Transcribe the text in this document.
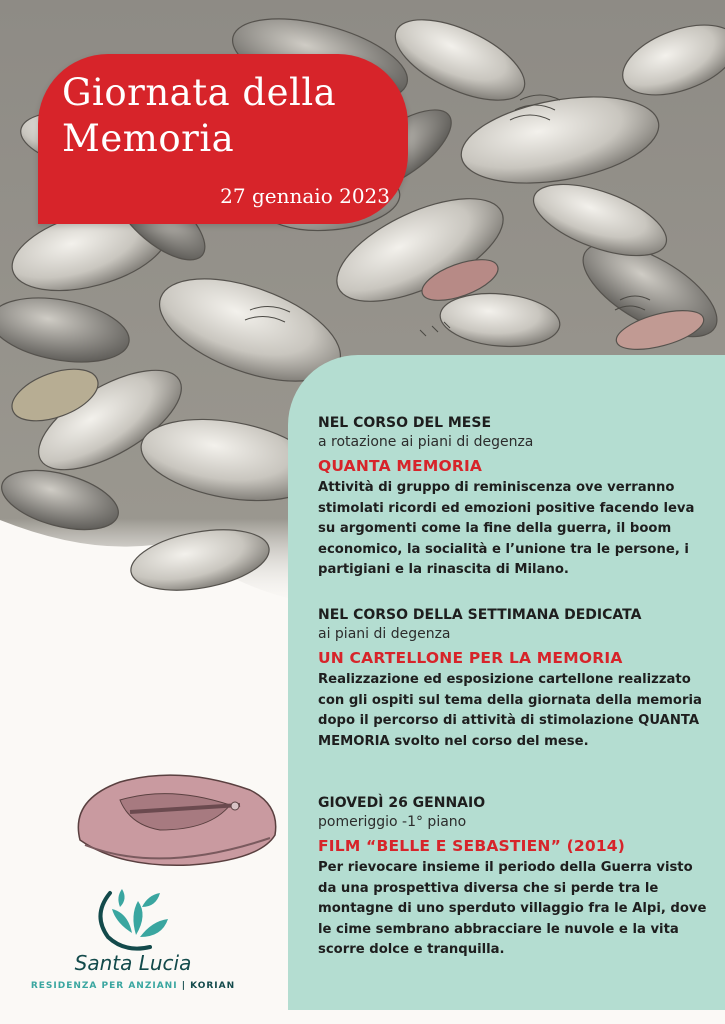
Giornata della Memoria
27 gennaio 2023

NEL CORSO DEL MESE

a rotazione ai piani di degenza

QUANTA MEMORIA

Attività di gruppo di reminiscenza ove verranno stimolati ricordi ed emozioni positive facendo leva su argomenti come la fine della guerra, il boom economico, la socialità e l’unione tra le persone, i partigiani e la rinascita di Milano.

NEL CORSO DELLA SETTIMANA DEDICATA

ai piani di degenza

UN CARTELLONE PER LA MEMORIA

Realizzazione ed esposizione cartellone realizzato con gli ospiti sul tema della giornata della memoria dopo il percorso di attività di stimolazione QUANTA MEMORIA svolto nel corso del mese.

GIOVEDÌ 26 GENNAIO

pomeriggio -1° piano

FILM “BELLE E SEBASTIEN” (2014)

Per rievocare insieme il periodo della Guerra visto da una prospettiva diversa che si perde tra le montagne di uno sperduto villaggio fra le Alpi, dove le cime sembrano abbracciare le nuvole e la vita scorre dolce e tranquilla.

Santa Lucia
RESIDENZA PER ANZIANI | KORIAN
